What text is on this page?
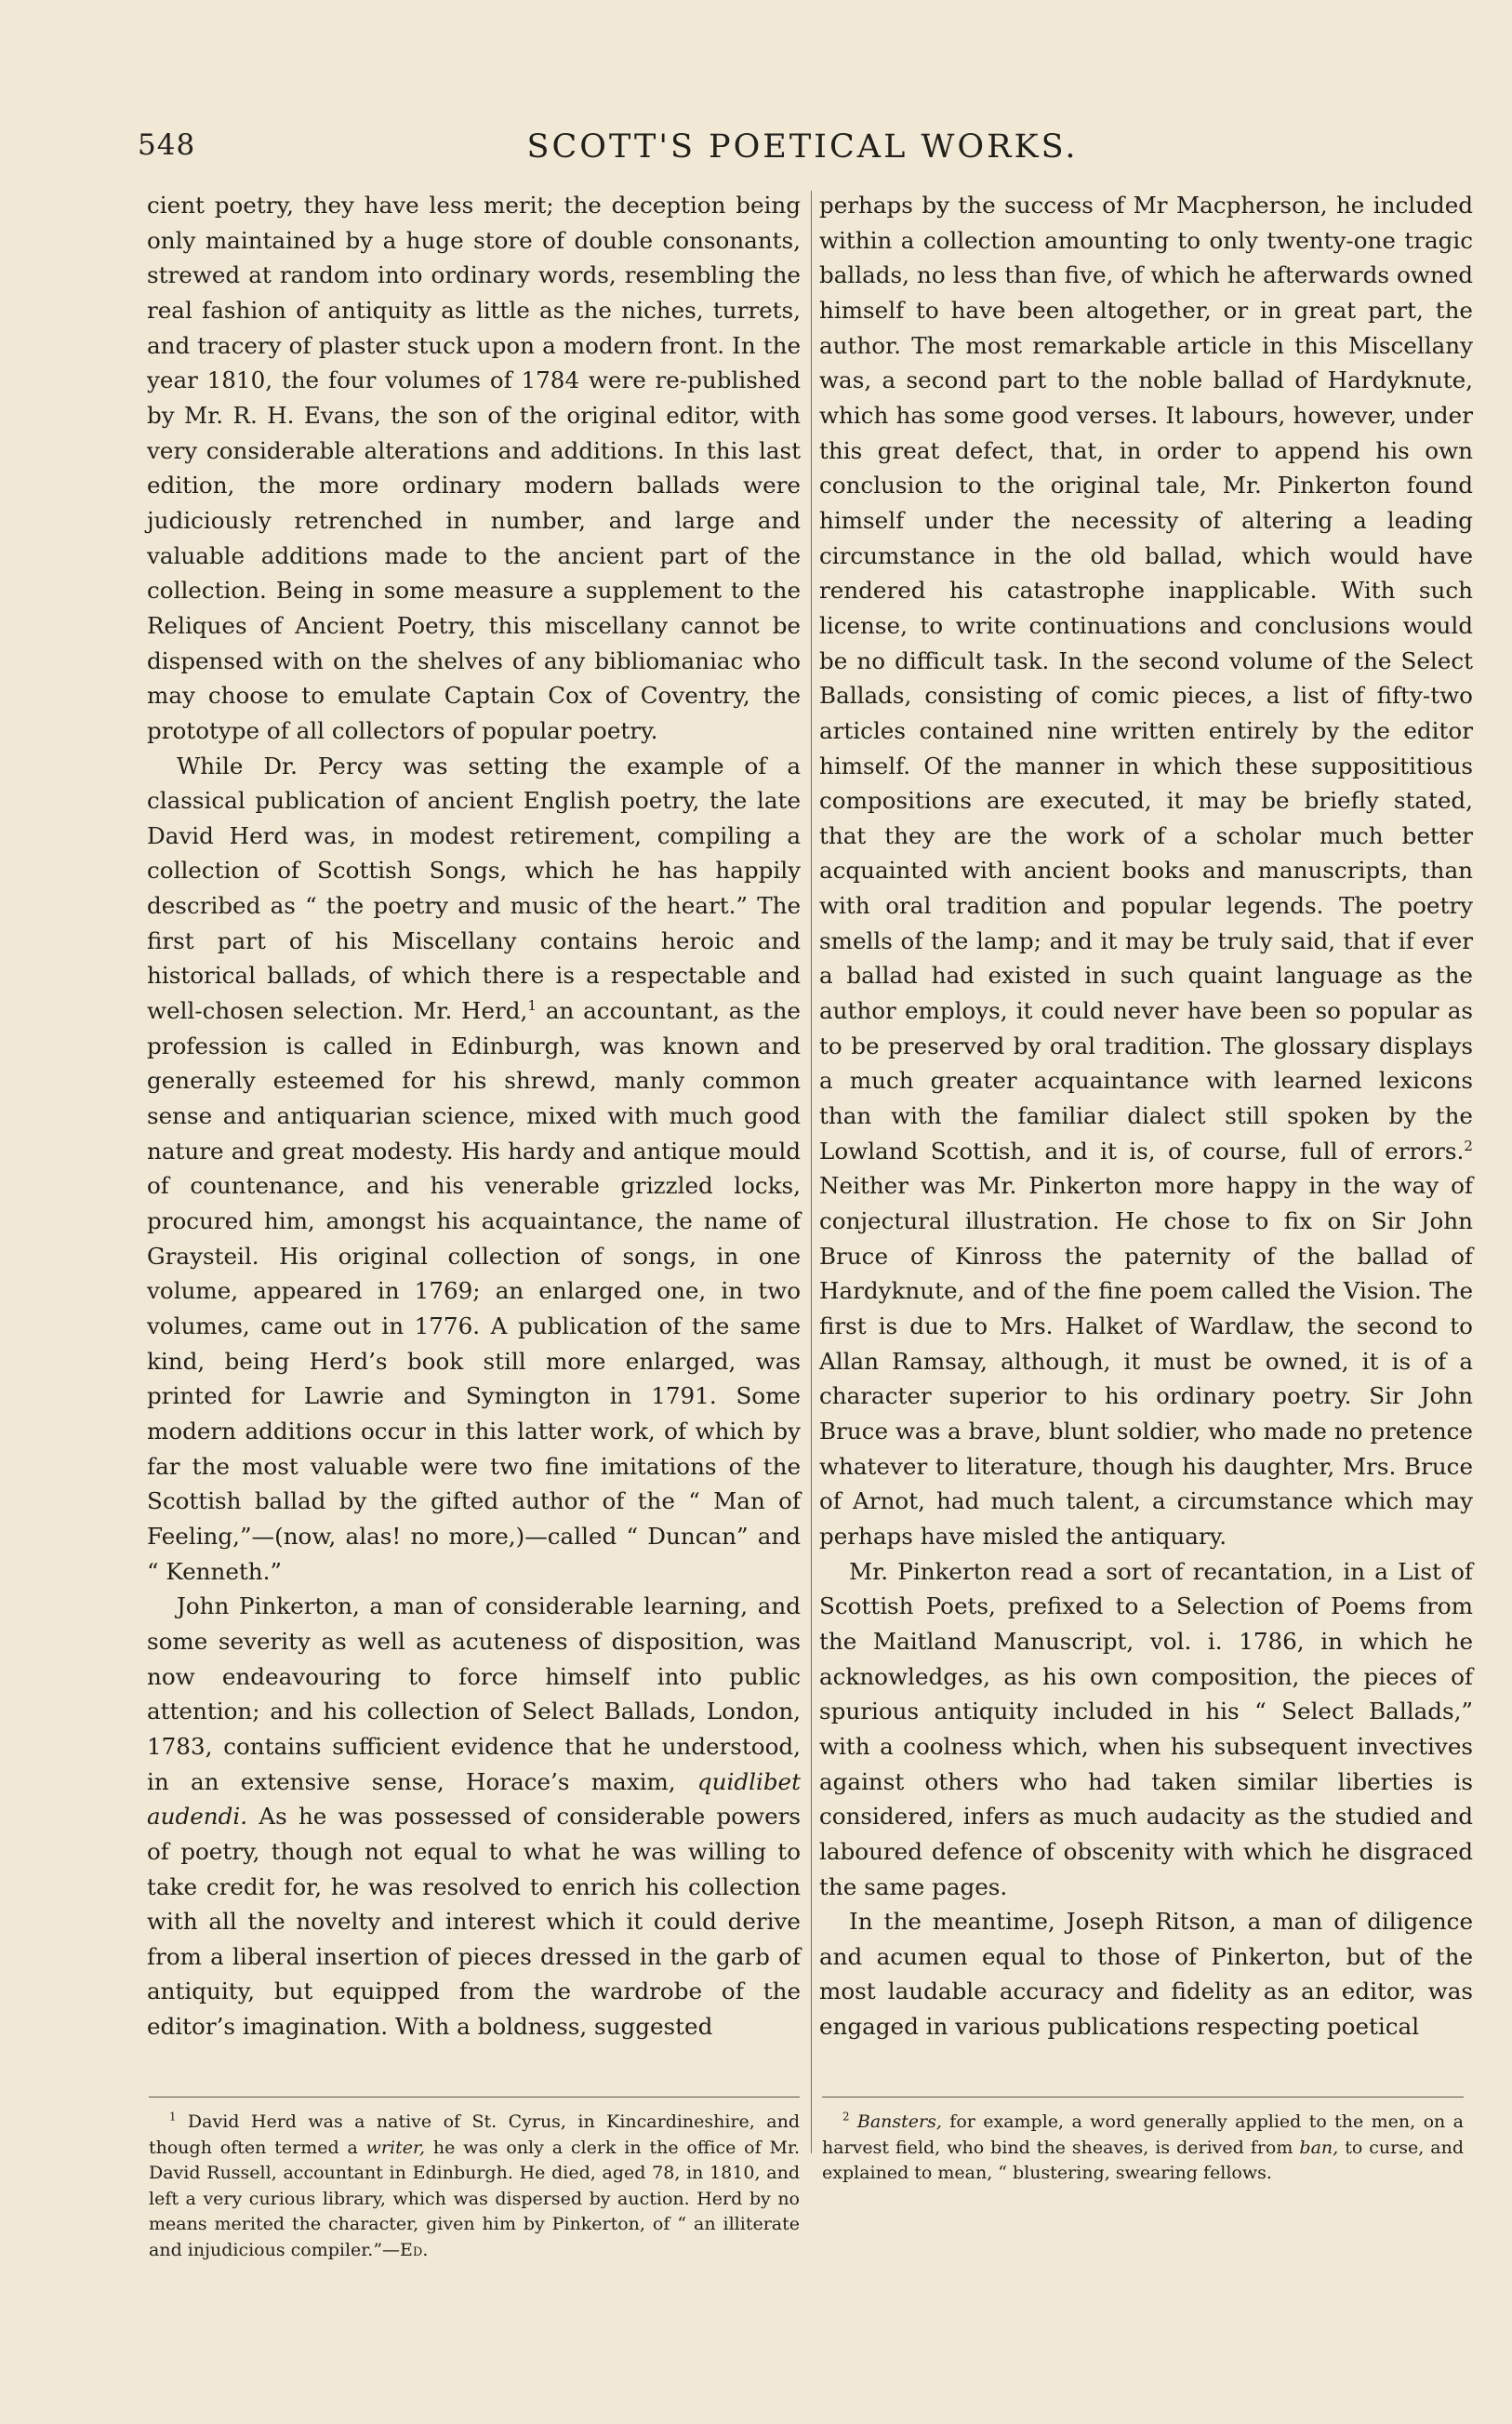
548	SCOTT'S POETICAL WORKS.

cient poetry, they have less merit; the deception being only maintained by a huge store of double consonants, strewed at random into ordinary words, resembling the real fashion of antiquity as little as the niches, turrets, and tracery of plaster stuck upon a modern front. In the year 1810, the four volumes of 1784 were re-published by Mr. R. H. Evans, the son of the original editor, with very considerable alterations and additions. In this last edition, the more ordinary modern ballads were judiciously retrenched in number, and large and valuable additions made to the ancient part of the collection. Being in some measure a supplement to the Reliques of Ancient Poetry, this miscellany cannot be dispensed with on the shelves of any bibliomaniac who may choose to emulate Captain Cox of Coventry, the prototype of all collectors of popular poetry.

While Dr. Percy was setting the example of a classical publication of ancient English poetry, the late David Herd was, in modest retirement, compiling a collection of Scottish Songs, which he has happily described as “ the poetry and music of the heart.” The first part of his Miscellany contains heroic and historical ballads, of which there is a respectable and well-chosen selection. Mr. Herd,$^1$ an accountant, as the profession is called in Edinburgh, was known and generally esteemed for his shrewd, manly common sense and antiquarian science, mixed with much good nature and great modesty. His hardy and antique mould of countenance, and his venerable grizzled locks, procured him, amongst his acquaintance, the name of Graysteil. His original collection of songs, in one volume, appeared in 1769; an enlarged one, in two volumes, came out in 1776. A publication of the same kind, being Herd’s book still more enlarged, was printed for Lawrie and Symington in 1791. Some modern additions occur in this latter work, of which by far the most valuable were two fine imitations of the Scottish ballad by the gifted author of the “ Man of Feeling,”—(now, alas! no more,)—called “ Duncan” and “ Kenneth.”

John Pinkerton, a man of considerable learning, and some severity as well as acuteness of disposition, was now endeavouring to force himself into public attention; and his collection of Select Ballads, London, 1783, contains sufficient evidence that he understood, in an extensive sense, Horace’s maxim, quidlibet audendi. As he was possessed of considerable powers of poetry, though not equal to what he was willing to take credit for, he was resolved to enrich his collection with all the novelty and interest which it could derive from a liberal insertion of pieces dressed in the garb of antiquity, but equipped from the wardrobe of the editor’s imagination. With a boldness, suggested

perhaps by the success of Mr Macpherson, he included within a collection amounting to only twenty-one tragic ballads, no less than five, of which he afterwards owned himself to have been altogether, or in great part, the author. The most remarkable article in this Miscellany was, a second part to the noble ballad of Hardyknute, which has some good verses. It labours, however, under this great defect, that, in order to append his own conclusion to the original tale, Mr. Pinkerton found himself under the necessity of altering a leading circumstance in the old ballad, which would have rendered his catastrophe inapplicable. With such license, to write continuations and conclusions would be no difficult task. In the second volume of the Select Ballads, consisting of comic pieces, a list of fifty-two articles contained nine written entirely by the editor himself. Of the manner in which these supposititious compositions are executed, it may be briefly stated, that they are the work of a scholar much better acquainted with ancient books and manuscripts, than with oral tradition and popular legends. The poetry smells of the lamp; and it may be truly said, that if ever a ballad had existed in such quaint language as the author employs, it could never have been so popular as to be preserved by oral tradition. The glossary displays a much greater acquaintance with learned lexicons than with the familiar dialect still spoken by the Lowland Scottish, and it is, of course, full of errors.$^2$ Neither was Mr. Pinkerton more happy in the way of conjectural illustration. He chose to fix on Sir John Bruce of Kinross the paternity of the ballad of Hardyknute, and of the fine poem called the Vision. The first is due to Mrs. Halket of Wardlaw, the second to Allan Ramsay, although, it must be owned, it is of a character superior to his ordinary poetry. Sir John Bruce was a brave, blunt soldier, who made no pretence whatever to literature, though his daughter, Mrs. Bruce of Arnot, had much talent, a circumstance which may perhaps have misled the antiquary.

Mr. Pinkerton read a sort of recantation, in a List of Scottish Poets, prefixed to a Selection of Poems from the Maitland Manuscript, vol. i. 1786, in which he acknowledges, as his own composition, the pieces of spurious antiquity included in his “ Select Ballads,” with a coolness which, when his subsequent invectives against others who had taken similar liberties is considered, infers as much audacity as the studied and laboured defence of obscenity with which he disgraced the same pages.

In the meantime, Joseph Ritson, a man of diligence and acumen equal to those of Pinkerton, but of the most laudable accuracy and fidelity as an editor, was engaged in various publications respecting poetical

$^1$ David Herd was a native of St. Cyrus, in Kincardineshire, and though often termed a writer, he was only a clerk in the office of Mr. David Russell, accountant in Edinburgh. He died, aged 78, in 1810, and left a very curious library, which was dispersed by auction. Herd by no means merited the character, given him by Pinkerton, of “ an illiterate and injudicious compiler.”—Ed.

$^2$ Bansters, for example, a word generally applied to the men, on a harvest field, who bind the sheaves, is derived from ban, to curse, and explained to mean, “ blustering, swearing fellows.
